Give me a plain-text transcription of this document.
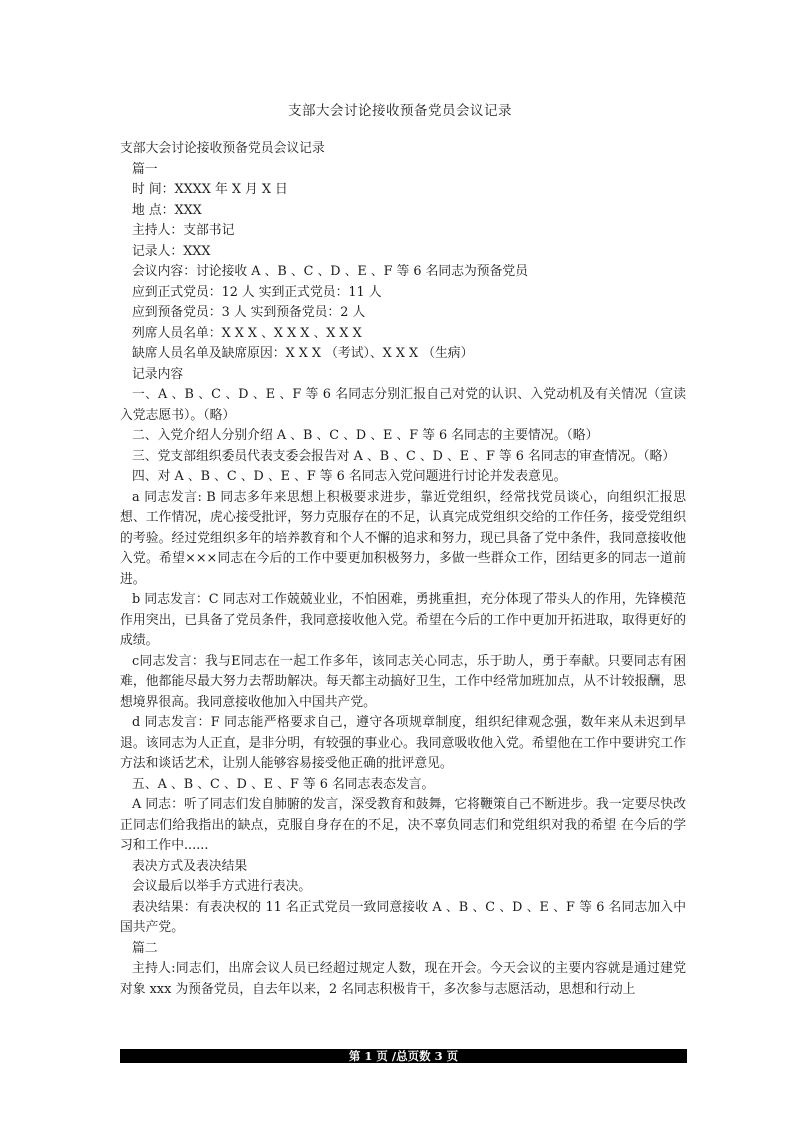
支部大会讨论接收预备党员会议记录

支部大会讨论接收预备党员会议记录

篇一

时 间：XXXX 年 X 月 X 日

地 点：XXX

主持人：支部书记

记录人：XXX

会议内容：讨论接收 A 、B 、C 、D 、E 、F 等 6 名同志为预备党员

应到正式党员：12 人 实到正式党员：11 人

应到预备党员：3 人 实到预备党员：2 人

列席人员名单：X X X 、X X X 、X X X

缺席人员名单及缺席原因：X X X （考试）、X X X （生病）

记录内容

一、A 、B 、C 、D 、E 、F 等 6 名同志分别汇报自己对党的认识、入党动机及有关情况（宣读入党志愿书）。（略）

二、入党介绍人分别介绍 A 、B 、C 、D 、E 、F 等 6 名同志的主要情况。（略）

三、党支部组织委员代表支委会报告对 A 、B 、C 、D 、E 、F 等 6 名同志的审查情况。（略）

四、对 A 、B 、C 、D 、E 、F 等 6 名同志入党问题进行讨论并发表意见。

a 同志发言: B 同志多年来思想上积极要求进步，靠近党组织，经常找党员谈心，向组织汇报思想、工作情况，虎心接受批评，努力克服存在的不足，认真完成党组织交给的工作任务，接受党组织的考验。经过党组织多年的培养教育和个人不懈的追求和努力，现已具备了党中条件，我同意接收他入党。希望×××同志在今后的工作中要更加积极努力，多做一些群众工作，团结更多的同志一道前进。

b 同志发言：C 同志对工作兢兢业业，不怕困难，勇挑重担，充分体现了带头人的作用，先锋模范作用突出，已具备了党员条件，我同意接收他入党。希望在今后的工作中更加开拓进取，取得更好的成绩。

c同志发言：我与E同志在一起工作多年，该同志关心同志，乐于助人，勇于奉献。只要同志有困难，他都能尽最大努力去帮助解决。每天都主动搞好卫生，工作中经常加班加点，从不计较报酬，思想境界很高。我同意接收他加入中国共产党。

d 同志发言：F 同志能严格要求自己，遵守各项规章制度，组织纪律观念强，数年来从未迟到早退。该同志为人正直，是非分明，有较强的事业心。我同意吸收他入党。希望他在工作中要讲究工作方法和谈话艺术，让别人能够容易接受他正确的批评意见。

五、A 、B 、C 、D 、E 、F 等 6 名同志表态发言。

A 同志：听了同志们发自肺腑的发言，深受教育和鼓舞，它将鞭策自己不断进步。我一定要尽快改正同志们给我指出的缺点，克服自身存在的不足，决不辜负同志们和党组织对我的希望 在今后的学习和工作中......

表决方式及表决结果

会议最后以举手方式进行表决。

表决结果：有表决权的 11 名正式党员一致同意接收 A 、B 、C 、D 、E 、F 等 6 名同志加入中国共产党。

篇二

主持人:同志们，出席会议人员已经超过规定人数，现在开会。今天会议的主要内容就是通过建党对象 xxx 为预备党员，自去年以来，2 名同志积极肯干，多次参与志愿活动，思想和行动上

第 1 页 /总页数 3 页
